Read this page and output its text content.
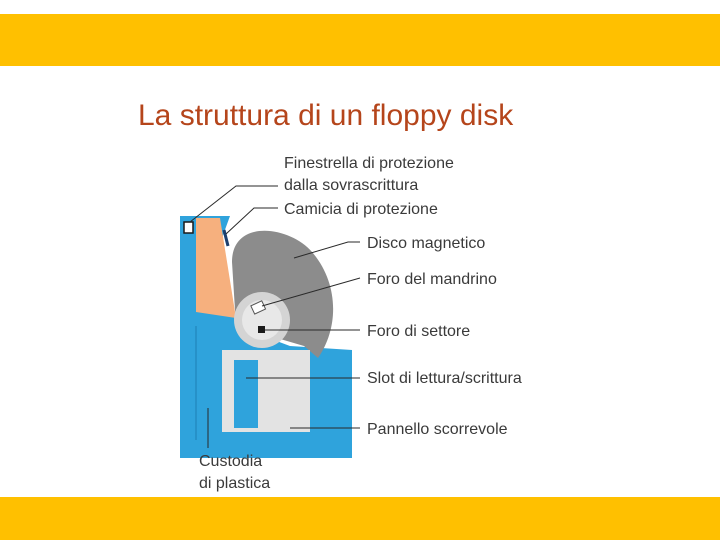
La struttura di un floppy disk
Finestrella di protezione
dalla sovrascrittura
Camicia di protezione
Disco magnetico
Foro del mandrino
Foro di settore
Slot di lettura/scrittura
Pannello scorrevole
Custodia
di plastica
